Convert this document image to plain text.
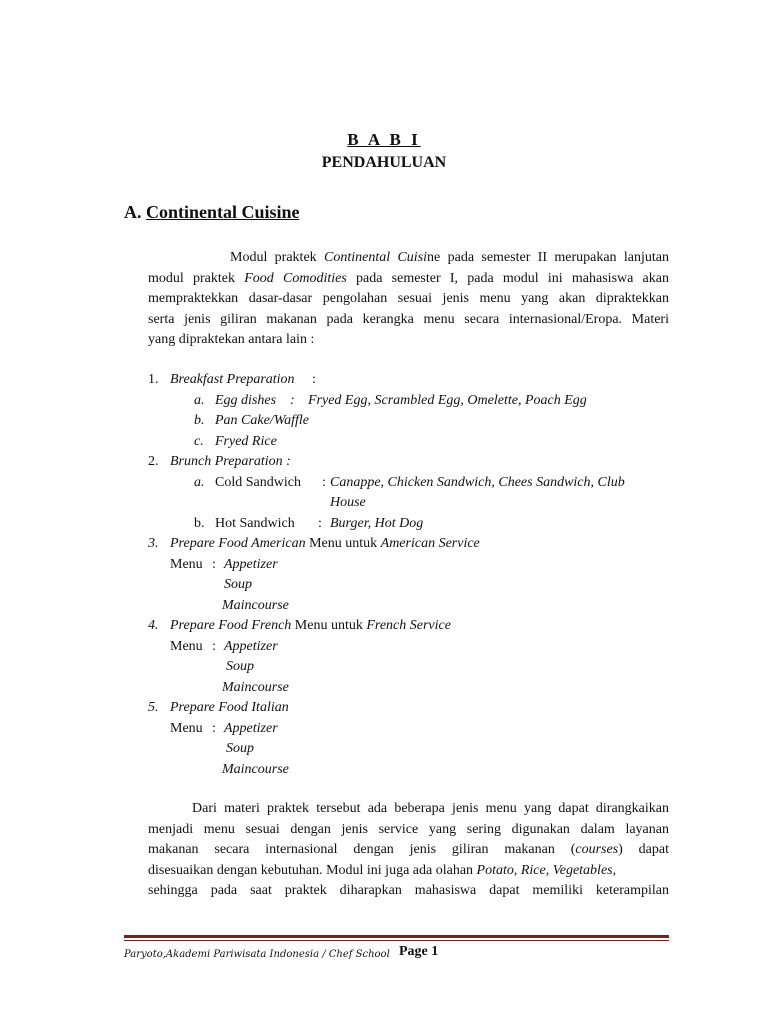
B A B I
PENDAHULUAN
A. Continental Cuisine
Modul praktek Continental Cuisine pada semester II merupakan lanjutan
modul praktek Food Comodities pada semester I, pada modul ini mahasiswa akan
mempraktekkan dasar-dasar pengolahan sesuai jenis menu yang akan dipraktekkan
serta jenis giliran makanan pada kerangka menu secara internasional/Eropa. Materi
yang dipraktekan antara lain :
1. Breakfast Preparation :
a. Egg dishes : Fryed Egg, Scrambled Egg, Omelette, Poach Egg
b. Pan Cake/Waffle
c. Fryed Rice
2. Brunch Preparation :
a. Cold Sandwich : Canappe, Chicken Sandwich, Chees Sandwich, Club
House
b. Hot Sandwich : Burger, Hot Dog
3. Prepare Food American Menu untuk American Service
Menu : Appetizer
Soup
Maincourse
4. Prepare Food French Menu untuk French Service
Menu : Appetizer
Soup
Maincourse
5. Prepare Food Italian
Menu : Appetizer
Soup
Maincourse
Dari materi praktek tersebut ada beberapa jenis menu yang dapat dirangkaikan
menjadi menu sesuai dengan jenis service yang sering digunakan dalam layanan
makanan secara internasional dengan jenis giliran makanan (courses) dapat
disesuaikan dengan kebutuhan. Modul ini juga ada olahan Potato, Rice, Vegetables,
sehingga pada saat praktek diharapkan mahasiswa dapat memiliki keterampilan
Paryoto,Akademi Pariwisata Indonesia / Chef School Page 1
